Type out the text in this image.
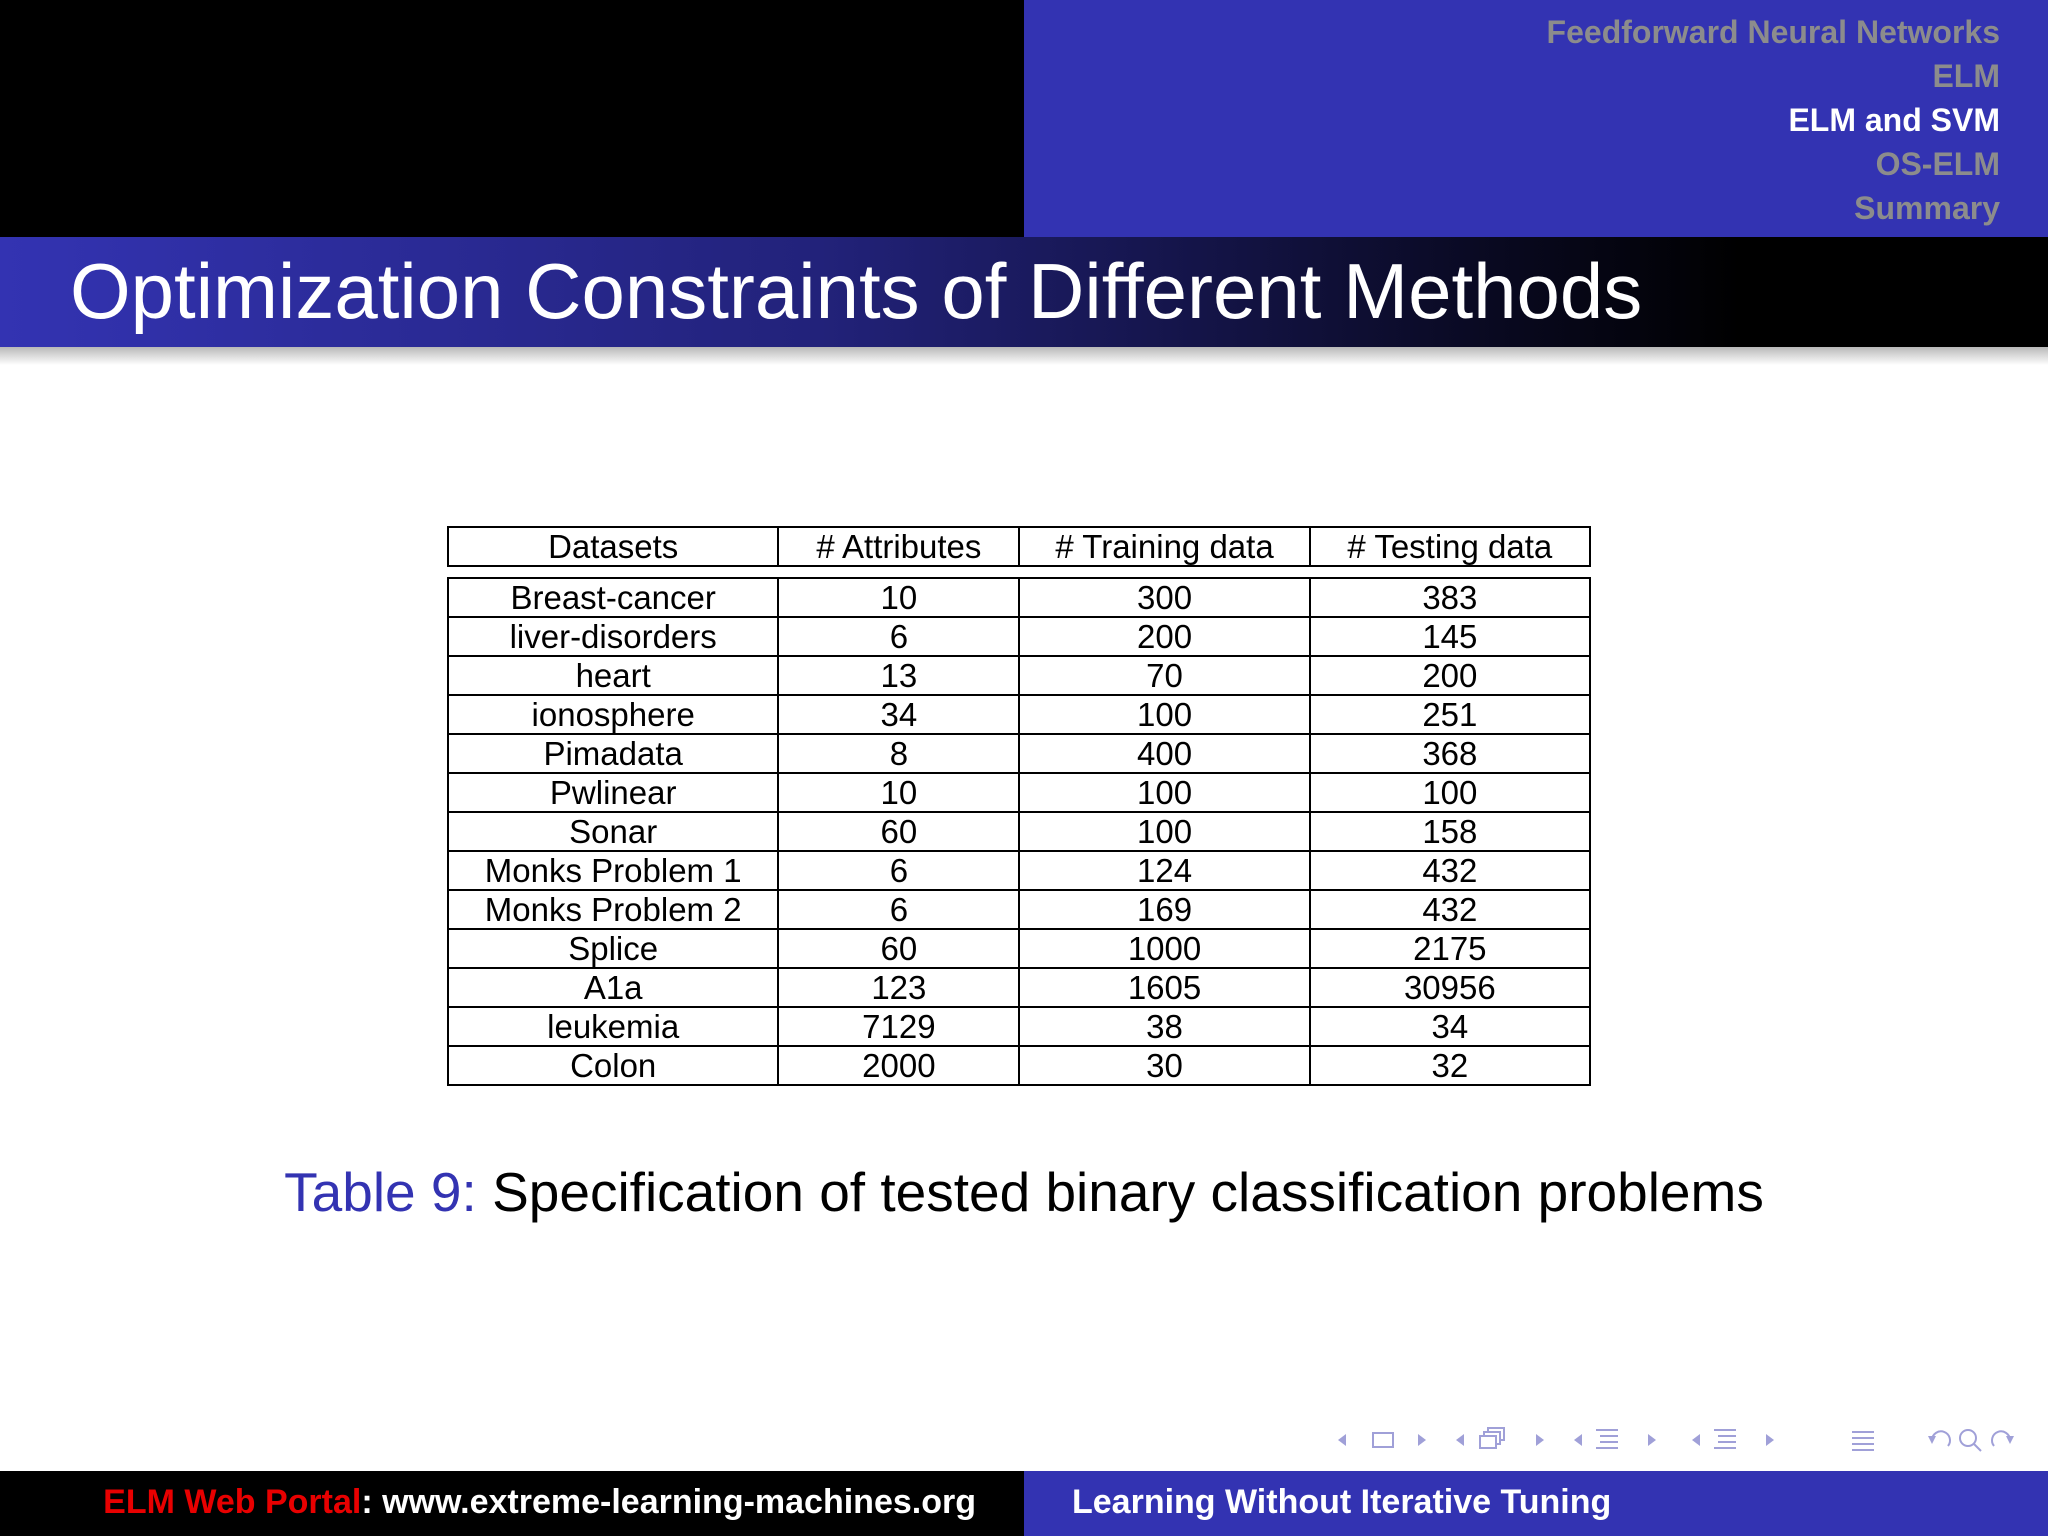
Feedforward Neural Networks
ELM
ELM and SVM
OS-ELM
Summary
Optimization Constraints of Different Methods
Datasets	# Attributes	# Training data	# Testing data

Breast-cancer	10	300	383
liver-disorders	6	200	145
heart	13	70	200
ionosphere	34	100	251
Pimadata	8	400	368
Pwlinear	10	100	100
Sonar	60	100	158
Monks Problem 1	6	124	432
Monks Problem 2	6	169	432
Splice	60	1000	2175
A1a	123	1605	30956
leukemia	7129	38	34
Colon	2000	30	32
Table 9: Specification of tested binary classification problems
ELM Web Portal: www.extreme-learning-machines.org	Learning Without Iterative Tuning
